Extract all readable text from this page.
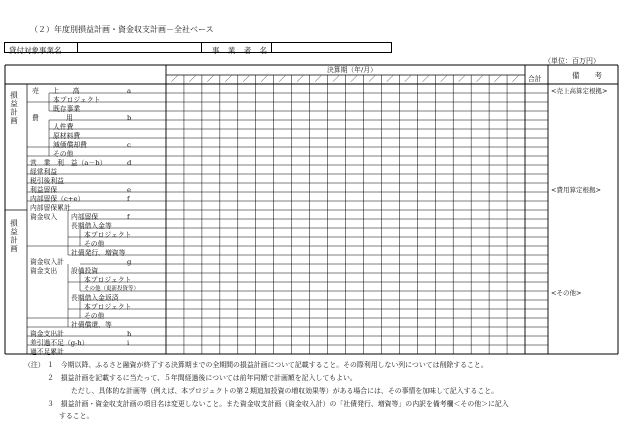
（２）年度別損益計画・資金収支計画－全社ベース
貸付対象事業名	事 業 者 名
（単位：百万円）
決算期（年/月）
合計	備　　考
／ ／ ／ ／ ／ ／ ／ ／ ／ ／ ／ ／ ／ ／ ／ ／ ／ ／ ／ ／
損益計画
損益計画
売　　上　　高	a
本プロジェクト
既存事業
費　　　　用	b
人件費
原材料費
減価償却費	c
その他
営　業　利　益（a－b）	d
経常利益
税引後利益
利益留保	e
内部留保（c+e）	f
内部留保累計
資金収入 内部留保	f
長期借入金等
本プロジェクト
その他
社債発行、増資等
資金収入計	g
資金支出 設備投資
本プロジェクト
その他（更新投資等）
長期借入金返済
本プロジェクト
その他
社債償還、等
資金支出計	h
差引過不足（g-h）	i
過不足累計
<売上高算定根拠>
<費用算定根拠>
<その他>
（注） １　今期以降、ふるさと融資が終了する決算期までの全期間の損益計画について記載すること。その際利用しない列については削除すること。
２　損益計画を記載するに当たって、５年間経過後については前年同額で計画額を記入してもよい。
ただし、具体的な計画等（例えば、本プロジェクトの第２期追加投資の増収効果等）がある場合には、その事情を加味して記入すること。
３　損益計画・資金収支計画の項目名は変更しないこと。また資金収支計画（資金収入計）の「社債発行、増資等」の内訳を備考欄＜その他＞に記入
すること。
